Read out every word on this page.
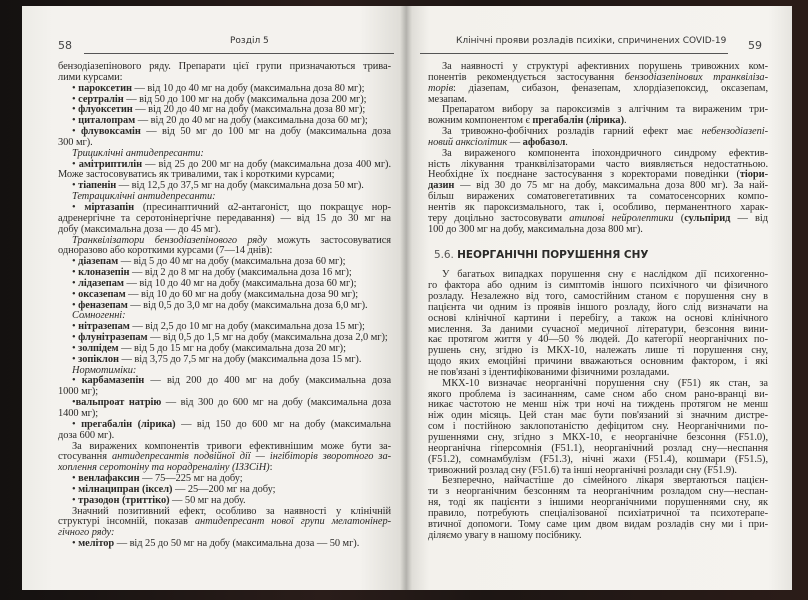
58	Розділ 5
бензодіазепінового ряду. Препарати цієї групи призначаються трива-
лими курсами:
• пароксетин — від 10 до 40 мг на добу (максимальна доза 80 мг);
• сертралін — від 50 до 100 мг на добу (максимальна доза 200 мг);
• флуоксетин — від 20 до 40 мг на добу (максимальна доза 80 мг);
• циталопрам — від 20 до 40 мг на добу (максимальна доза 60 мг);
• флувоксамін — від 50 мг до 100 мг на добу (максимальна доза
300 мг).
Трициклічні антидепресанти:
• амітриптилін — від 25 до 200 мг на добу (максимальна доза 400 мг).
Може застосовуватись як тривалими, так і короткими курсами;
• тіапенін — від 12,5 до 37,5 мг на добу (максимальна доза 50 мг).
Тетрациклічні антидепресанти:
• міртазапін (пресинаптичний α2-антагоніст, що покращує нор-
адренергічне та серотонінергічне передавання) — від 15 до 30 мг на
добу (максимальна доза — до 45 мг).
Транквілізатори бензодіазепінового ряду можуть застосовуватися
одноразово або короткими курсами (7—14 днів):
• діазепам — від 5 до 40 мг на добу (максимальна доза 60 мг);
• клоназепін — від 2 до 8 мг на добу (максимальна доза 16 мг);
• лідазепам — від 10 до 40 мг на добу (максимальна доза 60 мг);
• оксазепам — від 10 до 60 мг на добу (максимальна доза 90 мг);
• феназепам — від 0,5 до 3,0 мг на добу (максимальна доза 6,0 мг).
Сомногенні:
• нітразепам — від 2,5 до 10 мг на добу (максимальна доза 15 мг);
• флунітразепам — від 0,5 до 1,5 мг на добу (максимальна доза 2,0 мг);
• золпідем — від 5 до 15 мг на добу (максимальна доза 20 мг);
• зопіклон — від 3,75 до 7,5 мг на добу (максимальна доза 15 мг).
Нормотиміки:
• карбамазепін — від 200 до 400 мг на добу (максимальна доза
1000 мг);
•вальпроат натрію — від 300 до 600 мг на добу (максимальна доза
1400 мг);
• прегабалін (лірика) — від 150 до 600 мг на добу (максимальна
доза 600 мг).
За виражених компонентів тривоги ефективнішим може бути за-
стосування антидепресантів подвійної дії — інгібіторів зворотного за-
хоплення серотоніну та норадреналіну (ІЗЗСіН):
• венлафаксин — 75—225 мг на добу;
• мілнаципран (іксел) — 25—200 мг на добу;
• тразодон (триттіко) — 50 мг на добу.
Значний позитивний ефект, особливо за наявності у клінічній
структурі інсомній, показав антидепресант нової групи мелатонінер-
гічного ряду:
• мелітор — від 25 до 50 мг на добу (максимальна доза — 50 мг).
Клінічні прояви розладів психіки, спричинених COVID-19 59
За наявності у структурі афективних порушень тривожних ком-
понентів рекомендується застосування бензодіазепінових транквіліза-
торів: діазепам, сибазон, феназепам, хлордіазепоксид, оксазепам,
мезапам.
Препаратом вибору за пароксизмів з алгічним та вираженим три-
вожним компонентом є прегабалін (лірика).
За тривожно-фобічних розладів гарний ефект має небензодіазепі-
новий анксіолітик — афобазол.
За вираженого компонента іпохондричного синдрому ефектив-
ність лікування транквілізаторами часто виявляється недостатньою.
Необхідне їх поєднане застосування з коректорами поведінки (тіори-
дазин — від 30 до 75 мг на добу, максимальна доза 800 мг). За най-
більш виражених соматовегетативних та соматосенсорних компо-
нентів як пароксизмального, так і, особливо, перманентного харак-
теру доцільно застосовувати атипові нейролептики (сульпірид — від
100 до 300 мг на добу, максимальна доза 800 мг).
5.6. НЕОРГАНІЧНІ ПОРУШЕННЯ СНУ
У багатьох випадках порушення сну є наслідком дії психогенно-
го фактора або одним із симптомів іншого психічного чи фізичного
розладу. Незалежно від того, самостійним станом є порушення сну в
пацієнта чи одним із проявів іншого розладу, його слід визначати на
основі клінічної картини і перебігу, а також на основі клінічного
мислення. За даними сучасної медичної літератури, безсоння вини-
кає протягом життя у 40—50 % людей. До категорії неорганічних по-
рушень сну, згідно із МКХ-10, належать лише ті порушення сну,
щодо яких емоційні причини вважаються основним фактором, і які
не пов'язані з ідентифікованими фізичними розладами.
МКХ-10 визначає неорганічні порушення сну (F51) як стан, за
якого проблема із засинанням, саме сном або сном рано-вранці ви-
никає частотою не менш ніж три ночі на тиждень протягом не менш
ніж один місяць. Цей стан має бути пов'язаний зі значним дистре-
сом і постійною заклопотаністю дефіцитом сну. Неорганічними по-
рушеннями сну, згідно з МКХ-10, є неорганічне безсоння (F51.0),
неорганічна гіперсомнія (F51.1), неорганічний розлад сну—неспання
(F51.2), сомнамбулізм (F51.3), нічні жахи (F51.4), кошмари (F51.5),
тривожний розлад сну (F51.6) та інші неорганічні розлади сну (F51.9).
Безперечно, найчастіше до сімейного лікаря звертаються пацієн-
ти з неорганічним безсонням та неорганічним розладом сну—неспан-
ня, тоді як пацієнти з іншими неорганічними порушеннями сну, як
правило, потребують спеціалізованої психіатричної та психотерапе-
втичної допомоги. Тому саме цим двом видам розладів сну ми і при-
діляємо увагу в нашому посібнику.
